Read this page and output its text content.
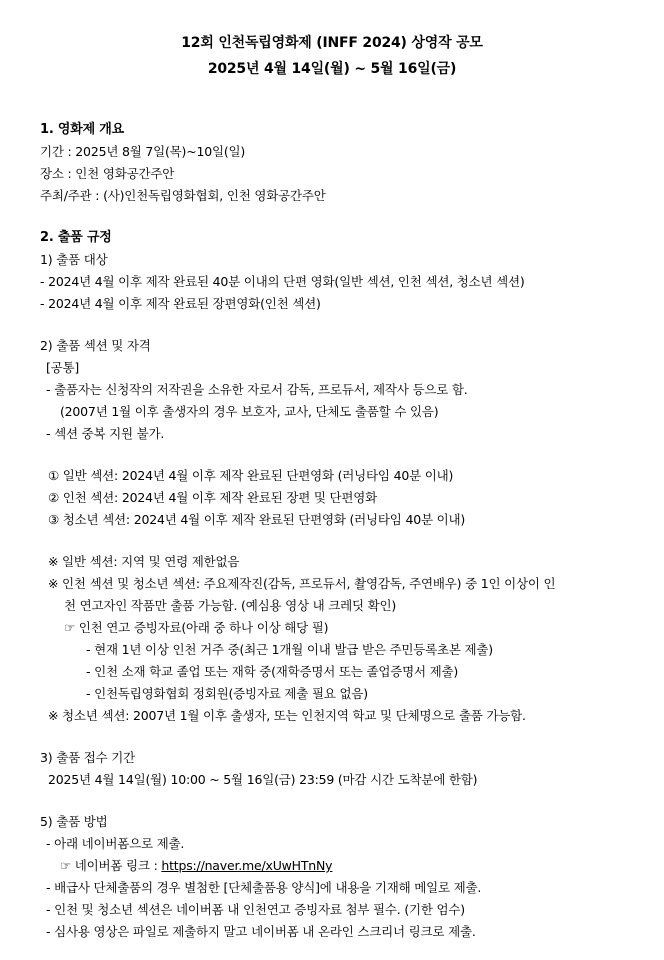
12회 인천독립영화제 (INFF 2024) 상영작 공모
2025년 4월 14일(월) ~ 5월 16일(금)
1. 영화제 개요
기간 : 2025년 8월 7일(목)~10일(일)
장소 : 인천 영화공간주안
주최/주관 : (사)인천독립영화협회, 인천 영화공간주안
2. 출품 규정
1) 출품 대상
- 2024년 4월 이후 제작 완료된 40분 이내의 단편 영화(일반 섹션, 인천 섹션, 청소년 섹션)
- 2024년 4월 이후 제작 완료된 장편영화(인천 섹션)
2) 출품 섹션 및 자격
[공통]
- 출품자는 신청작의 저작권을 소유한 자로서 감독, 프로듀서, 제작사 등으로 함.
(2007년 1월 이후 출생자의 경우 보호자, 교사, 단체도 출품할 수 있음)
- 섹션 중복 지원 불가.
① 일반 섹션: 2024년 4월 이후 제작 완료된 단편영화 (러닝타임 40분 이내)
② 인천 섹션: 2024년 4월 이후 제작 완료된 장편 및 단편영화
③ 청소년 섹션: 2024년 4월 이후 제작 완료된 단편영화 (러닝타임 40분 이내)
※ 일반 섹션: 지역 및 연령 제한없음
※ 인천 섹션 및 청소년 섹션: 주요제작진(감독, 프로듀서, 촬영감독, 주연배우) 중 1인 이상이 인
천 연고자인 작품만 출품 가능함. (예심용 영상 내 크레딧 확인)
☞ 인천 연고 증빙자료(아래 중 하나 이상 해당 필)
- 현재 1년 이상 인천 거주 중(최근 1개월 이내 발급 받은 주민등록초본 제출)
- 인천 소재 학교 졸업 또는 재학 중(재학증명서 또는 졸업증명서 제출)
- 인천독립영화협회 정회원(증빙자료 제출 필요 없음)
※ 청소년 섹션: 2007년 1월 이후 출생자, 또는 인천지역 학교 및 단체명으로 출품 가능함.
3) 출품 접수 기간
2025년 4월 14일(월) 10:00 ~ 5월 16일(금) 23:59 (마감 시간 도착분에 한함)
5) 출품 방법
- 아래 네이버폼으로 제출.
☞ 네이버폼 링크 : https://naver.me/xUwHTnNy
- 배급사 단체출품의 경우 별첨한 [단체출품용 양식]에 내용을 기재해 메일로 제출.
- 인천 및 청소년 섹션은 네이버폼 내 인천연고 증빙자료 첨부 필수. (기한 엄수)
- 심사용 영상은 파일로 제출하지 말고 네이버폼 내 온라인 스크리너 링크로 제출.
